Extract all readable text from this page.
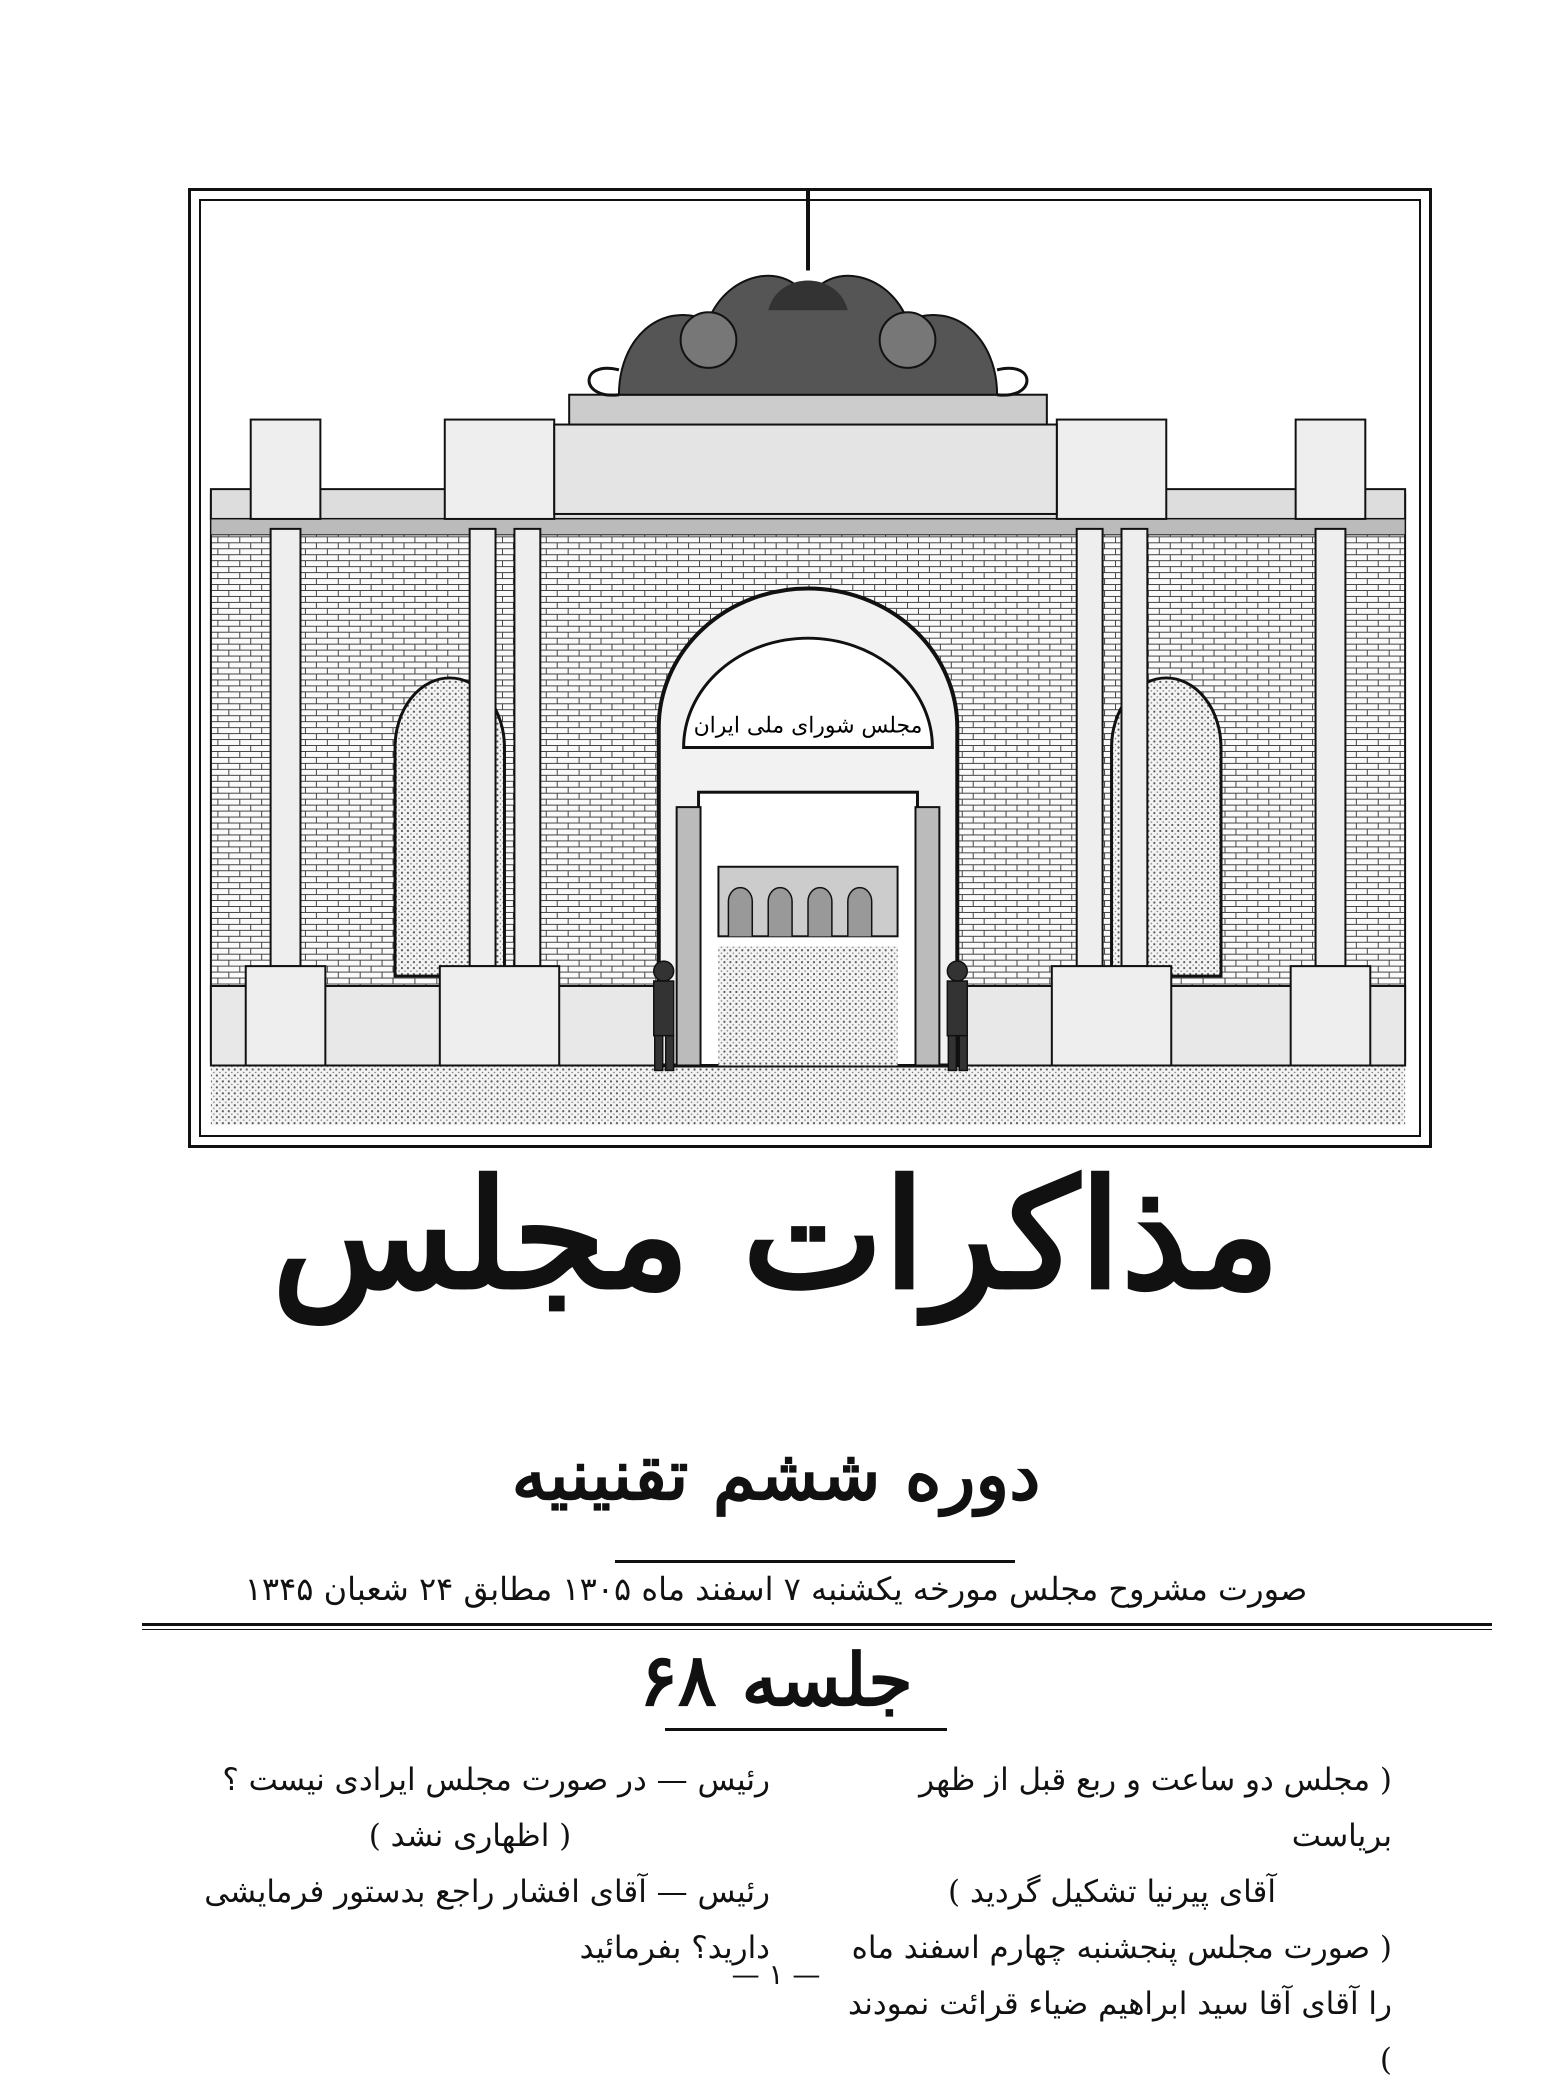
مجلس شورای ملی ایران
مذاکرات مجلس
دوره ششم تقنینیه
صورت مشروح مجلس مورخه یکشنبه ۷ اسفند ماه ۱۳۰۵ مطابق ۲۴ شعبان ۱۳۴۵
جلسه ۶۸

( مجلس دو ساعت و ربع قبل از ظهر بریاست

آقای پیرنیا تشکیل گردید )

( صورت مجلس پنجشنبه چهارم اسفند ماه

را آقای آقا سید ابراهیم ضیاء قرائت نمودند )

رئیس — در صورت مجلس ایرادی نیست ؟

( اظهاری نشد )

رئیس — آقای افشار راجع بدستور فرمایشی دارید؟ بفرمائید

— ۱ —
